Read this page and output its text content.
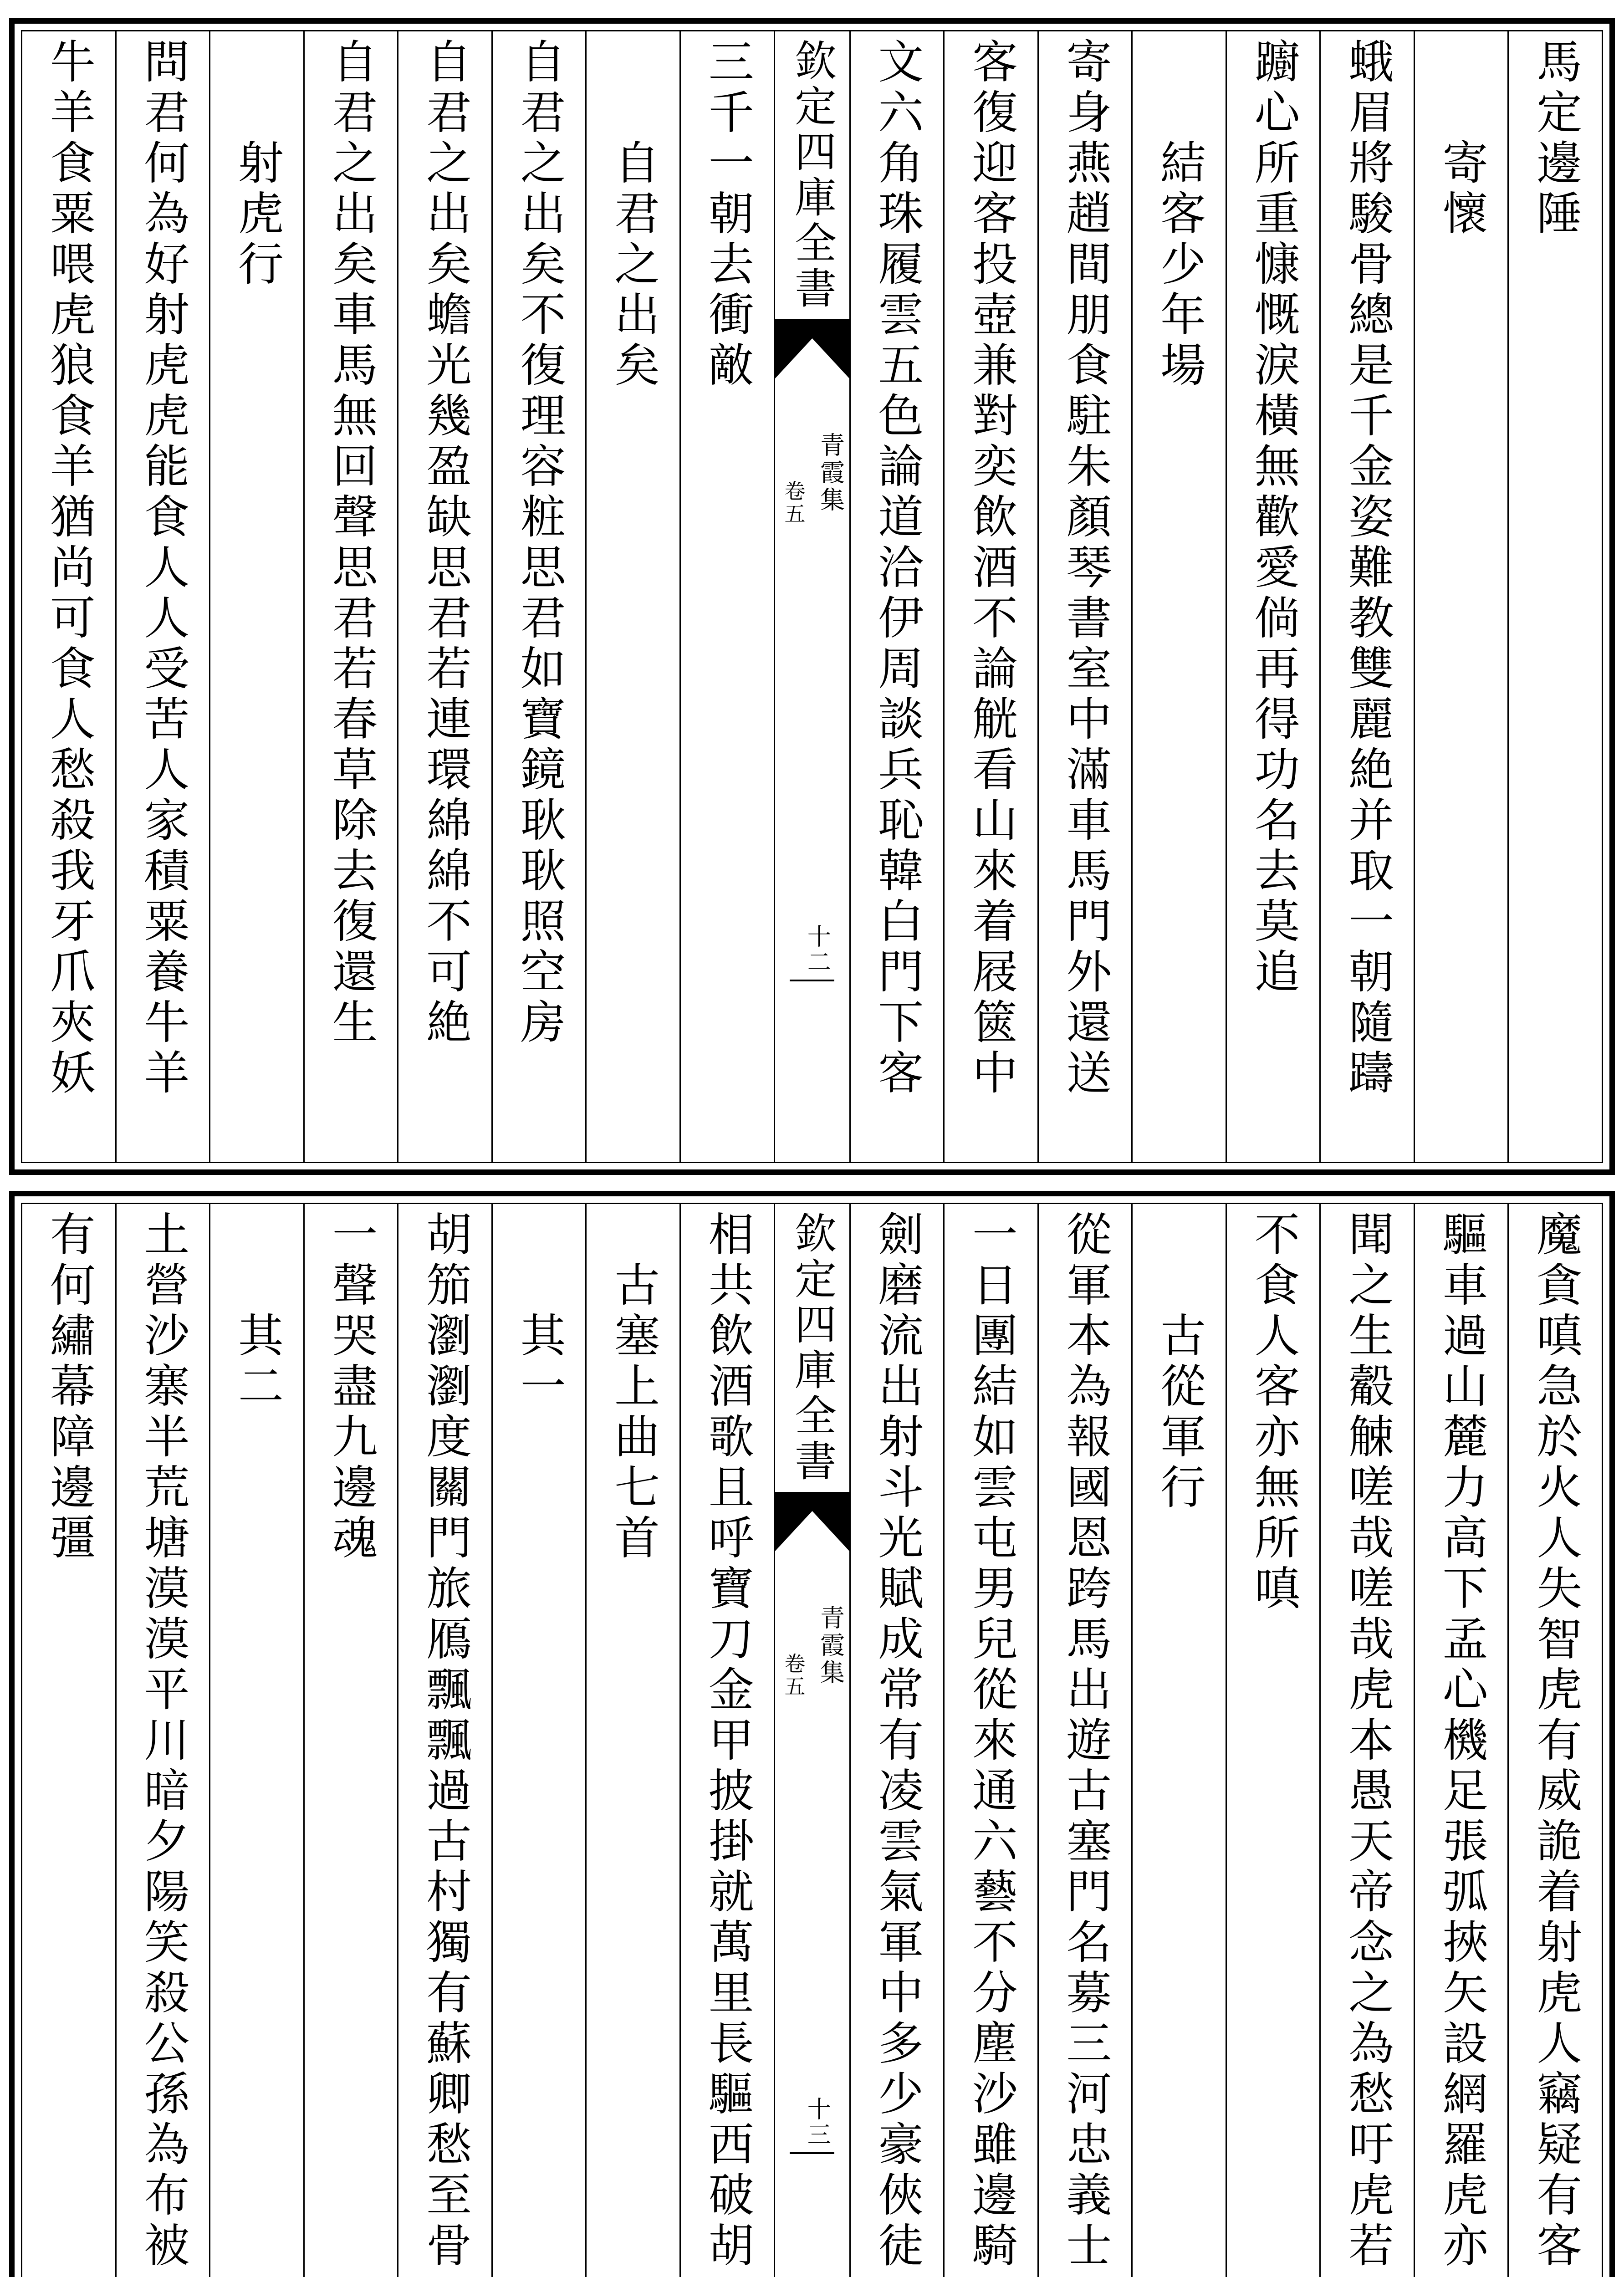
馬定邊陲
寄懷
蛾眉將駿骨總是千金姿難教雙麗絶并取一朝隨躊
躕心所重慷慨淚橫無歡愛倘再得功名去莫追
結客少年場
寄身燕趙間朋食駐朱顏琴書室中滿車馬門外還送
客復迎客投壺兼對奕飲酒不論觥看山來着屐篋中
文六角珠履雲五色論道洽伊周談兵恥韓白門下客
欽定四庫全書
青霞集
卷五
十二
三千一朝去衝敵
自君之出矣
自君之出矣不復理容粧思君如寶鏡耿耿照空房
自君之出矣蟾光幾盈缺思君若連環綿綿不可絶
自君之出矣車馬無回聲思君若春草除去復還生
射虎行
問君何為好射虎虎能食人人受苦人家積粟養牛羊
牛羊食粟喂虎狼食羊猶尚可食人愁殺我牙爪夾妖
魔貪嗔急於火人失智虎有威詭着射虎人竊疑有客
驅車過山麓力高下孟心機足張弧挾矢設網羅虎亦
聞之生觳觫嗟哉嗟哉虎本愚天帝念之為愁吁虎若
不食人客亦無所嗔
古從軍行
從軍本為報國恩跨馬出遊古塞門名募三河忠義士
一日團結如雲屯男兒從來通六藝不分塵沙雖邊騎
劍磨流出射斗光賦成常有凌雲氣軍中多少豪俠徒
欽定四庫全書
青霞集
卷五
十三
相共飲酒歌且呼寶刀金甲披掛就萬里長驅西破胡
古塞上曲七首
其一
胡笳瀏瀏度關門旅鴈飄飄過古村獨有蘇卿愁至骨
一聲哭盡九邊魂
其二
土營沙寨半荒塘漠漠平川暗夕陽笑殺公孫為布被
有何繡幕障邊彊
